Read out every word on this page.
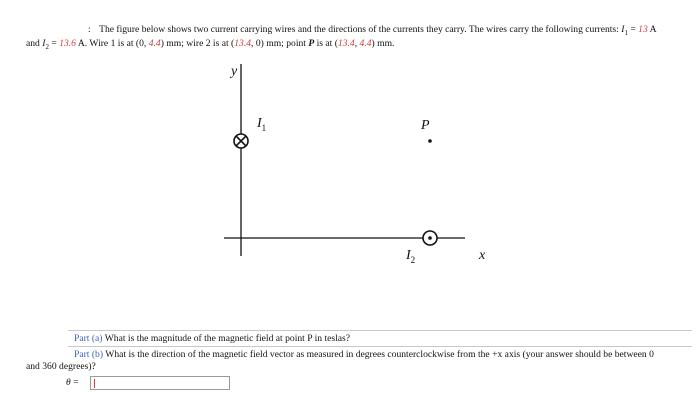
: The figure below shows two current carrying wires and the directions of the currents they carry. The wires carry the following currents: $I_1 = 13$ A
and $I_2 = 13.6$ A. Wire 1 is at (0, 4.4) mm; wire 2 is at (13.4, 0) mm; point P is at (13.4, 4.4) mm.
y
x
$I_1$	P
$I_2$
Part (a) What is the magnitude of the magnetic field at point P in teslas?
Part (b) What is the direction of the magnetic field vector as measured in degrees counterclockwise from the +x axis (your answer should be between 0
and 360 degrees)?
θ =
